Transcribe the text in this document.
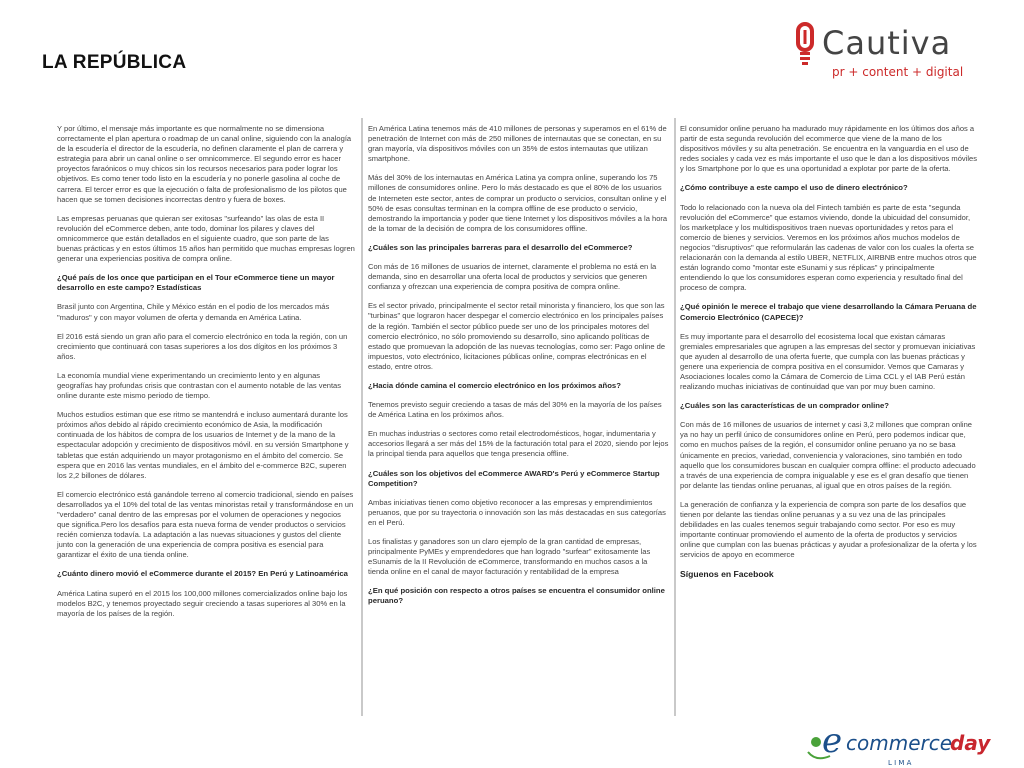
LA REPÚBLICA
Cautiva
pr + content + digital

Y por último, el mensaje más importante es que normalmente no se dimensiona correctamente el plan apertura o roadmap de un canal online, siguiendo con la analogía de la escudería el director de la escudería, no definen claramente el plan de carrera y estrategia para abrir un canal online o ser omnicommerce. El segundo error es hacer proyectos faraónicos o muy chicos sin los recursos necesarios para poder lograr los objetivos. Es como tener todo listo en la escudería y no ponerle gasolina al coche de carrera. El tercer error es que la ejecución o falta de profesionalismo de los pilotos que hacen que se tomen decisiones incorrectas dentro y fuera de boxes.

Las empresas peruanas que quieran ser exitosas "surfeando" las olas de esta II revolución del eCommerce deben, ante todo, dominar los pilares y claves del omnicommerce que están detallados en el siguiente cuadro, que son parte de las buenas prácticas y en estos últimos 15 años han permitido que muchas empresas logren generar una experiencias positiva de compra online.

¿Qué país de los once que participan en el Tour eCommerce tiene un mayor desarrollo en este campo? Estadísticas

Brasil junto con Argentina, Chile y México están en el podio de los mercados más "maduros" y con mayor volumen de oferta y demanda en América Latina.

El 2016 está siendo un gran año para el comercio electrónico en toda la región, con un crecimiento que continuará con tasas superiores a los dos dígitos en los próximos 3 años.

La economía mundial viene experimentando un crecimiento lento y en algunas geografías hay profundas crisis que contrastan con el aumento notable de las ventas online durante este mismo periodo de tiempo.

Muchos estudios estiman que ese ritmo se mantendrá e incluso aumentará durante los próximos años debido al rápido crecimiento económico de Asia, la modificación continuada de los hábitos de compra de los usuarios de Internet y de la mano de la espectacular adopción y crecimiento de dispositivos móvil. en su versión Smartphone y tabletas que están adquiriendo un mayor protagonismo en el ámbito del comercio. Se espera que en 2016 las ventas mundiales, en el ámbito del e-commerce B2C, superen los 2,2 billones de dólares.

El comercio electrónico está ganándole terreno al comercio tradicional, siendo en países desarrollados ya el 10% del total de las ventas minoristas retail y transformándose en un "verdadero" canal dentro de las empresas por el volumen de operaciones y negocios que significa.Pero los desafíos para esta nueva forma de vender productos o servicios recién comienza todavía. La adaptación a las nuevas situaciones y gustos del cliente junto con la generación de una experiencia de compra positiva es esencial para garantizar el éxito de una tienda online.

¿Cuánto dinero movió el eCommerce durante el 2015? En Perú y Latinoamérica

América Latina superó en el 2015 los 100,000 millones comercializados online bajo los modelos B2C, y tenemos proyectado seguir creciendo a tasas superiores al 30% en la mayoría de los países de la región.

En América Latina tenemos más de 410 millones de personas y superamos en el 61% de penetración de Internet con más de 250 millones de internautas que se conectan, en su gran mayoría, vía dispositivos móviles con un 35% de estos internautas que utilizan smartphone.

Más del 30% de los internautas en América Latina ya compra online, superando los 75 millones de consumidores online. Pero lo más destacado es que el 80% de los usuarios de Interneten este sector, antes de comprar un producto o servicios, consultan online y el 50% de esas consultas terminan en la compra offline de ese producto o servicio, demostrando la importancia y poder que tiene Internet y los dispositivos móviles a la hora de la tomar de la decisión de compra de los consumidores offline.

¿Cuáles son las principales barreras para el desarrollo del eCommerce?

Con más de 16 millones de usuarios de internet, claramente el problema no está en la demanda, sino en desarrollar una oferta local de productos y servicios que generen confianza y ofrezcan una experiencia de compra positiva de compra online.

Es el sector privado, principalmente el sector retail minorista y financiero, los que son las "turbinas" que lograron hacer despegar el comercio electrónico en los principales países de la región. También el sector público puede ser uno de los principales motores del comercio electrónico, no sólo promoviendo su desarrollo, sino aplicando políticas de estado que promuevan la adopción de las nuevas tecnologías, como ser: Pago online de impuestos, voto electrónico, licitaciones públicas online, compras electrónicas en el estado, entre otros.

¿Hacia dónde camina el comercio electrónico en los próximos años?

Tenemos previsto seguir creciendo a tasas de más del 30% en la mayoría de los países de América Latina en los próximos años.

En muchas industrias o sectores como retail electrodomésticos, hogar, indumentaria y accesorios llegará a ser más del 15% de la facturación total para el 2020, siendo por lejos la principal tienda para aquellos que tenga presencia offline.

¿Cuáles son los objetivos del eCommerce AWARD's Perú y eCommerce Startup Competition?

Ambas iniciativas tienen como objetivo reconocer a las empresas y emprendimientos peruanos, que por su trayectoria o innovación son las más destacadas en sus categorías en el Perú.

Los finalistas y ganadores son un claro ejemplo de la gran cantidad de empresas, principalmente PyMEs y emprendedores que han logrado "surfear" exitosamente las eSunamis de la II Revolución de eCommerce, transformando en muchos casos a la tienda online en el canal de mayor facturación y rentabilidad de la empresa

¿En qué posición con respecto a otros países se encuentra el consumidor online peruano?

El consumidor online peruano ha madurado muy rápidamente en los últimos dos años a partir de esta segunda revolución del ecommerce que viene de la mano de los dispositivos móviles y su alta penetración. Se encuentra en la vanguardia en el uso de redes sociales y cada vez es más importante el uso que le dan a los dispositivos móviles y los Smartphone por lo que es una oportunidad a explotar por parte de la oferta.

¿Cómo contribuye a este campo el uso de dinero electrónico?

Todo lo relacionado con la nueva ola del Fintech también es parte de esta "segunda revolución del eCommerce" que estamos viviendo, donde la ubicuidad del consumidor, los marketplace y los multidispositivos traen nuevas oportunidades y retos para el comercio de bienes y servicios. Veremos en los próximos años muchos modelos de negocios "disruptivos" que reformularán las cadenas de valor con los cuales la oferta se relacionarán con la demanda al estilo UBER, NETFLIX, AIRBNB entre muchos otros que están logrando como "montar este eSunami y sus réplicas" y principalmente entendiendo lo que los consumidores esperan como experiencia y resultado final del proceso de compra.

¿Qué opinión le merece el trabajo que viene desarrollando la Cámara Peruana de Comercio Electrónico (CAPECE)?

Es muy importante para el desarrollo del ecosistema local que existan cámaras gremiales empresariales que agrupen a las empresas del sector y promuevan iniciativas que ayuden al desarrollo de una oferta fuerte, que cumpla con las buenas prácticas y genere una experiencia de compra positiva en el consumidor. Vemos que Camaras y Asociaciones locales como la Cámara de Comercio de Lima CCL y el IAB Perú están realizando muchas iniciativas de continuidad que van por muy buen camino.

¿Cuáles son las características de un comprador online?

Con más de 16 millones de usuarios de internet y casi 3,2 millones que compran online ya no hay un perfil único de consumidores online en Perú, pero podemos indicar que, como en muchos países de la región, el consumidor online peruano ya no se basa únicamente en precios, variedad, conveniencia y valoraciones, sino también en todo aquello que los consumidores buscan en cualquier compra offline: el producto adecuado a través de una experiencia de compra inigualable y ese es el gran desafío que tienen por delante las tiendas online peruanas, al igual que en otros países de la región.

La generación de confianza y la experiencia de compra son parte de los desafíos que tienen por delante las tiendas online peruanas y a su vez una de las principales debilidades en las cuales tenemos seguir trabajando como sector. Por eso es muy importante continuar promoviendo el aumento de la oferta de productos y servicios online que cumplan con las buenas prácticas y ayudar a profesionalizar de la oferta y los servicios de apoyo en ecommerce

Síguenos en Facebook

e commerce
day
L I M A
